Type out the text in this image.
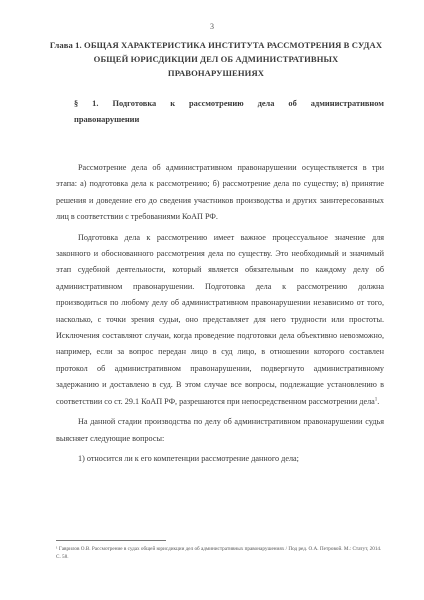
3
Глава 1. ОБЩАЯ ХАРАКТЕРИСТИКА ИНСТИТУТА РАССМОТРЕНИЯ В СУДАХ ОБЩЕЙ ЮРИСДИКЦИИ ДЕЛ ОБ АДМИНИСТРАТИВНЫХ ПРАВОНАРУШЕНИЯХ
§ 1. Подготовка к рассмотрению дела об административном правонарушении

Рассмотрение дела об административном правонарушении осуществляется в три этапа: а) подготовка дела к рассмотрению; б) рассмотрение дела по существу; в) принятие решения и доведение его до сведения участников производства и других заинтересованных лиц в соответствии с требованиями КоАП РФ.

Подготовка дела к рассмотрению имеет важное процессуальное значение для законного и обоснованного рассмотрения дела по существу. Это необходимый и значимый этап судебной деятельности, который является обязательным по каждому делу об административном правонарушении. Подготовка дела к рассмотрению должна производиться по любому делу об административном правонарушении независимо от того, насколько, с точки зрения судьи, оно представляет для него трудности или простоты. Исключения составляют случаи, когда проведение подготовки дела объективно невозможно, например, если за вопрос передан лицо в суд лицо, в отношении которого составлен протокол об административном правонарушении, подвергнуто административному задержанию и доставлено в суд. В этом случае все вопросы, подлежащие установлению в соответствии со ст. 29.1 КоАП РФ, разрешаются при непосредственном рассмотрении дела$^1$.

На данной стадии производства по делу об административном правонарушении судья выясняет следующие вопросы:

1) относится ли к его компетенции рассмотрение данного дела;

¹ Гаврилов О.В. Рассмотрение в судах общей юрисдикции дел об административных правонарушениях / Под ред. О.А. Петровой. М.: Статут, 2014. С. 58.
